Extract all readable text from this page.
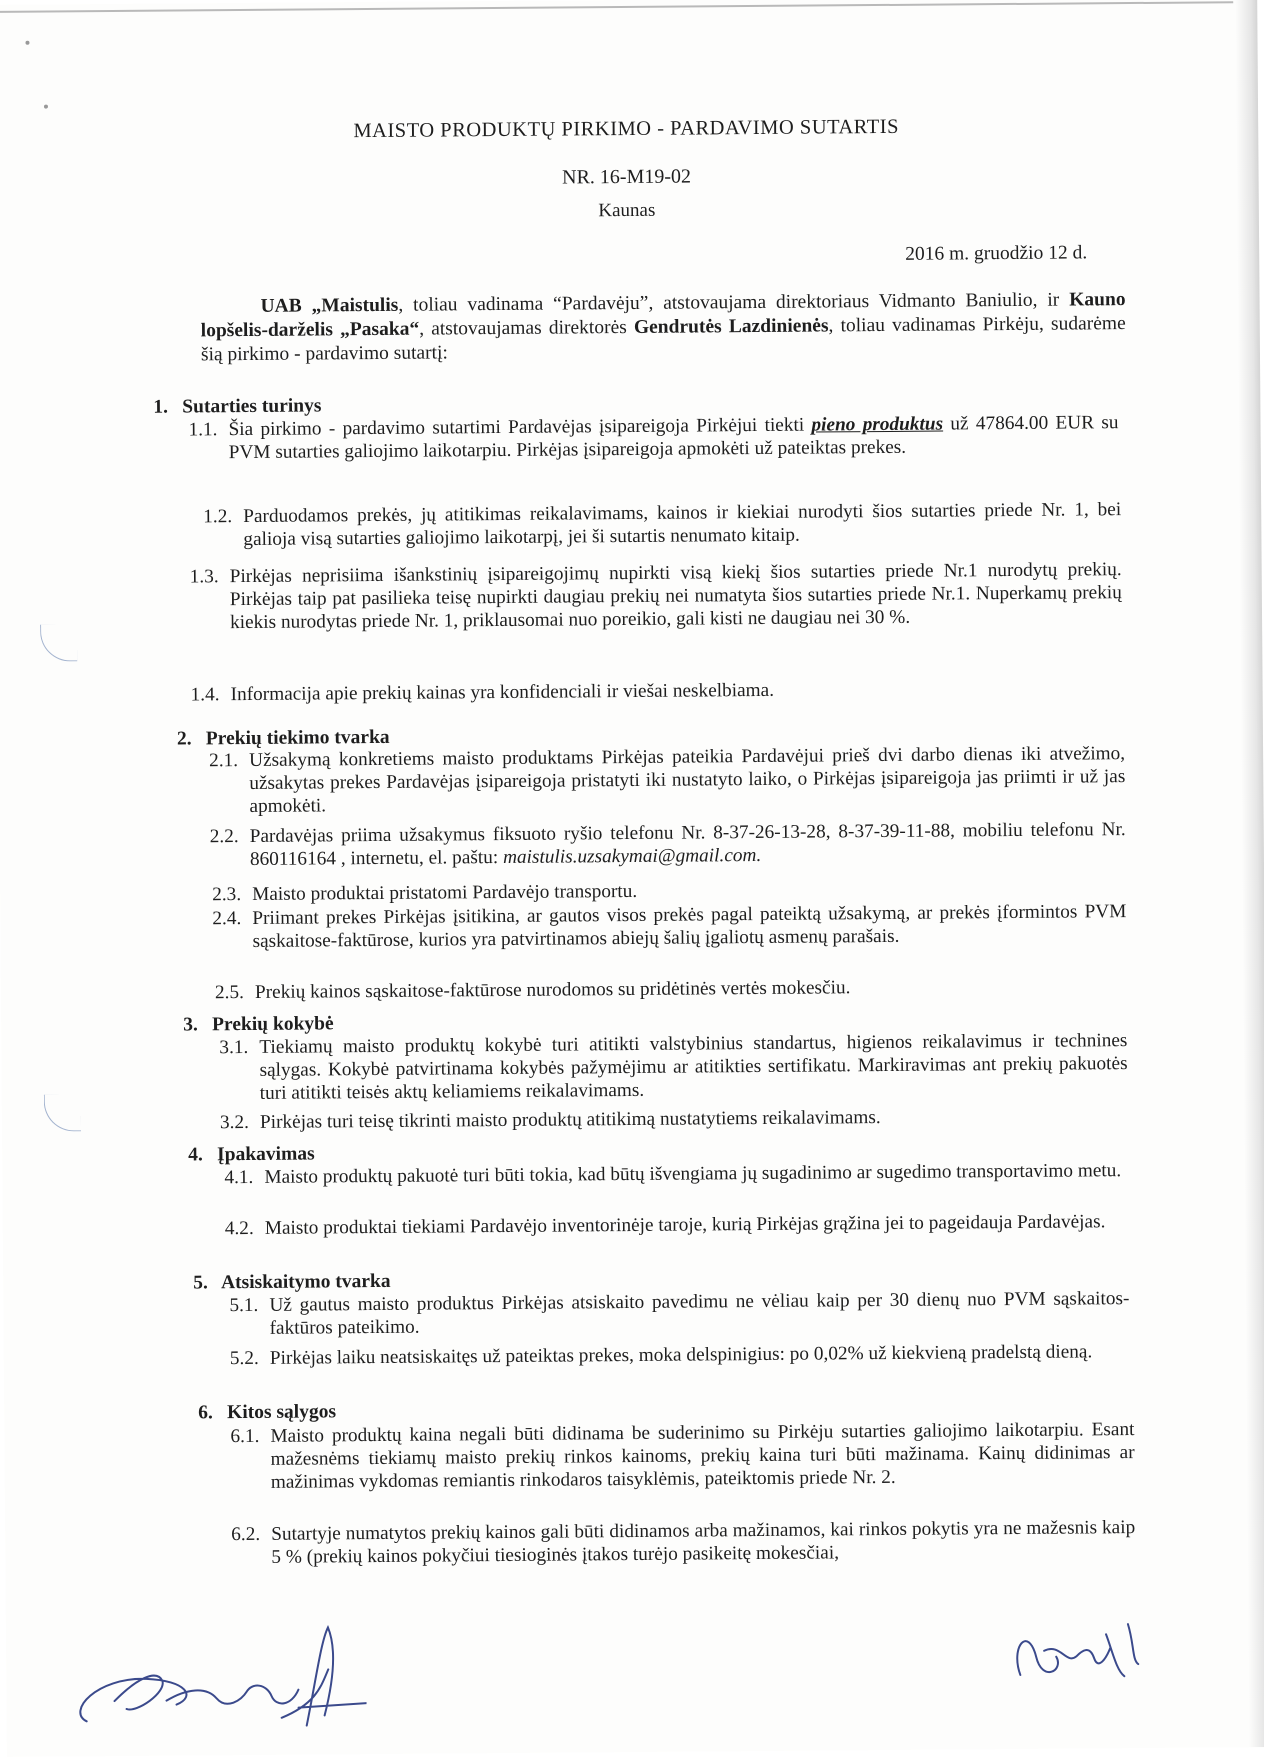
MAISTO PRODUKTŲ PIRKIMO - PARDAVIMO SUTARTIS
NR. 16-M19-02
Kaunas
2016 m. gruodžio 12 d.
UAB „Maistulis, toliau vadinama “Pardavėju”, atstovaujama direktoriaus Vidmanto Baniulio, ir Kauno lopšelis-darželis „Pasaka“, atstovaujamas direktorės Gendrutės Lazdinienės, toliau vadinamas Pirkėju, sudarėme šią pirkimo - pardavimo sutartį:
1. Sutarties turinys
1.1. Šia pirkimo - pardavimo sutartimi Pardavėjas įsipareigoja Pirkėjui tiekti pieno produktus už 47864.00 EUR su PVM sutarties galiojimo laikotarpiu. Pirkėjas įsipareigoja apmokėti už pateiktas prekes.
1.2. Parduodamos prekės, jų atitikimas reikalavimams, kainos ir kiekiai nurodyti šios sutarties priede Nr. 1, bei galioja visą sutarties galiojimo laikotarpį, jei ši sutartis nenumato kitaip.
1.3. Pirkėjas neprisiima išankstinių įsipareigojimų nupirkti visą kiekį šios sutarties priede Nr.1 nurodytų prekių. Pirkėjas taip pat pasilieka teisę nupirkti daugiau prekių nei numatyta šios sutarties priede Nr.1. Nuperkamų prekių kiekis nurodytas priede Nr. 1, priklausomai nuo poreikio, gali kisti ne daugiau nei 30 %.
1.4. Informacija apie prekių kainas yra konfidenciali ir viešai neskelbiama.
2. Prekių tiekimo tvarka
2.1. Užsakymą konkretiems maisto produktams Pirkėjas pateikia Pardavėjui prieš dvi darbo dienas iki atvežimo, užsakytas prekes Pardavėjas įsipareigoja pristatyti iki nustatyto laiko, o Pirkėjas įsipareigoja jas priimti ir už jas apmokėti.
2.2. Pardavėjas priima užsakymus fiksuoto ryšio telefonu Nr. 8-37-26-13-28, 8-37-39-11-88, mobiliu telefonu Nr. 860116164 , internetu, el. paštu: maistulis.uzsakymai@gmail.com.
2.3. Maisto produktai pristatomi Pardavėjo transportu.
2.4. Priimant prekes Pirkėjas įsitikina, ar gautos visos prekės pagal pateiktą užsakymą, ar prekės įformintos PVM sąskaitose-faktūrose, kurios yra patvirtinamos abiejų šalių įgaliotų asmenų parašais.
2.5. Prekių kainos sąskaitose-faktūrose nurodomos su pridėtinės vertės mokesčiu.
3. Prekių kokybė
3.1. Tiekiamų maisto produktų kokybė turi atitikti valstybinius standartus, higienos reikalavimus ir technines sąlygas. Kokybė patvirtinama kokybės pažymėjimu ar atitikties sertifikatu. Markiravimas ant prekių pakuotės turi atitikti teisės aktų keliamiems reikalavimams.
3.2. Pirkėjas turi teisę tikrinti maisto produktų atitikimą nustatytiems reikalavimams.
4. Įpakavimas
4.1. Maisto produktų pakuotė turi būti tokia, kad būtų išvengiama jų sugadinimo ar sugedimo transportavimo metu.
4.2. Maisto produktai tiekiami Pardavėjo inventorinėje taroje, kurią Pirkėjas grąžina jei to pageidauja Pardavėjas.
5. Atsiskaitymo tvarka
5.1. Už gautus maisto produktus Pirkėjas atsiskaito pavedimu ne vėliau kaip per 30 dienų nuo PVM sąskaitos-faktūros pateikimo.
5.2. Pirkėjas laiku neatsiskaitęs už pateiktas prekes, moka delspinigius: po 0,02% už kiekvieną pradelstą dieną.
6. Kitos sąlygos
6.1. Maisto produktų kaina negali būti didinama be suderinimo su Pirkėju sutarties galiojimo laikotarpiu. Esant mažesnėms tiekiamų maisto prekių rinkos kainoms, prekių kaina turi būti mažinama. Kainų didinimas ar mažinimas vykdomas remiantis rinkodaros taisyklėmis, pateiktomis priede Nr. 2.
6.2. Sutartyje numatytos prekių kainos gali būti didinamos arba mažinamos, kai rinkos pokytis yra ne mažesnis kaip 5 % (prekių kainos pokyčiui tiesioginės įtakos turėjo pasikeitę mokesčiai,
